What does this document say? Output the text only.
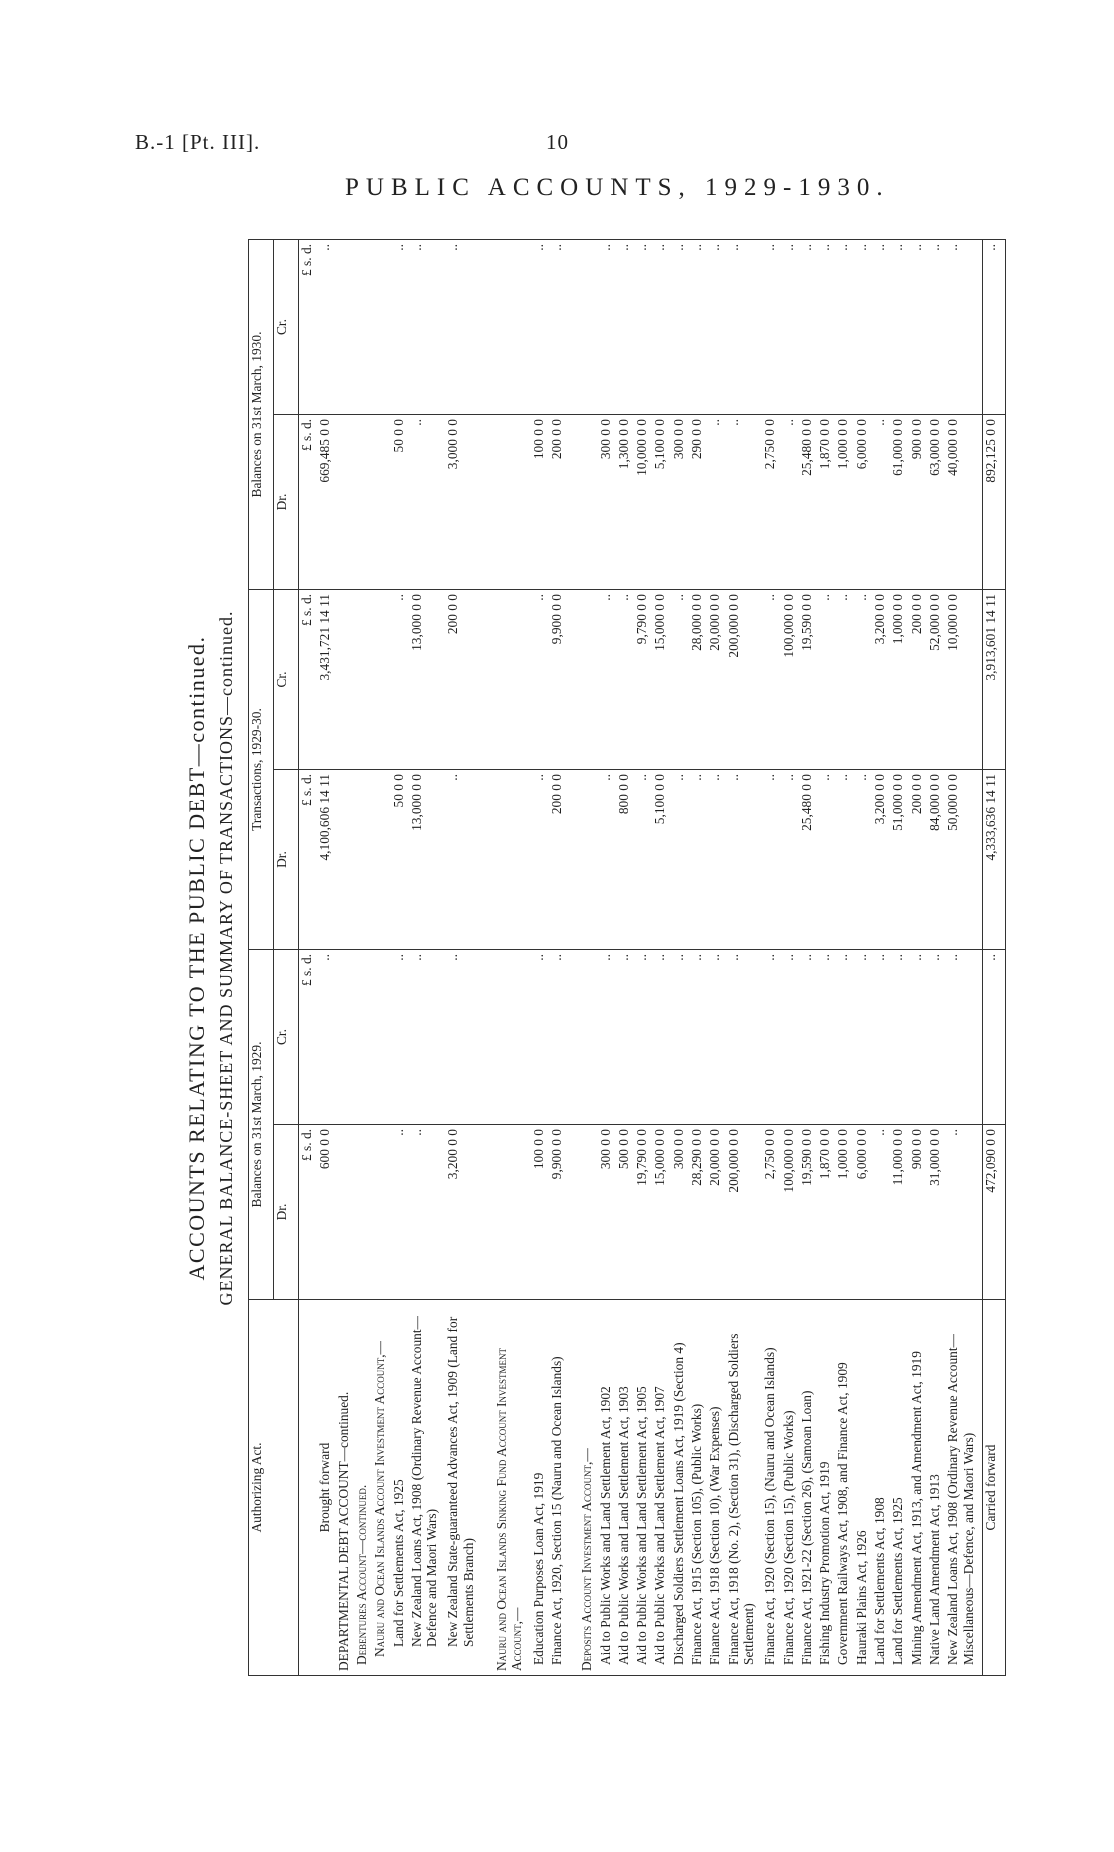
B.-1 [Pt. III].	10
PUBLIC ACCOUNTS, 1929-1930.
ACCOUNTS RELATING TO THE PUBLIC DEBT—continued. GENERAL BALANCE-SHEET AND SUMMARY OF TRANSACTIONS—continued.
Authorizing Act.	Balances on 31st March, 1929.		Transactions, 1929-30.		Balances on 31st March, 1930.	
	Dr.	Cr.	Dr.	Cr.	Dr.	Cr.
	£ s. d.	£ s. d.	£ s. d.	£ s. d.	£ s. d.	£ s. d.
Brought forward	600 0 0	..	4,100,606 14 11	3,431,721 14 11	669,485 0 0	..
DEPARTMENTAL DEBT ACCOUNT—continued.						
Debentures Account—continued.						
Nauru and Ocean Islands Account Investment Account,—						
Land for Settlements Act, 1925	..	..	50 0 0	..	50 0 0	..
New Zealand Loans Act, 1908 (Ordinary Revenue Account—Defence and Maori Wars)	..	..	13,000 0 0	13,000 0 0	..	..
New Zealand State-guaranteed Advances Act, 1909 (Land for Settlements Branch)	3,200 0 0	..	..	200 0 0	3,000 0 0	..

Nauru and Ocean Islands Sinking Fund Account Investment Account,—						
Education Purposes Loan Act, 1919	100 0 0	..	..	..	100 0 0	..
Finance Act, 1920, Section 15 (Nauru and Ocean Islands)	9,900 0 0	..	200 0 0	9,900 0 0	200 0 0	..

Deposits Account Investment Account,—						
Aid to Public Works and Land Settlement Act, 1902	300 0 0	..	..	..	300 0 0	..
Aid to Public Works and Land Settlement Act, 1903	500 0 0	..	800 0 0	..	1,300 0 0	..
Aid to Public Works and Land Settlement Act, 1905	19,790 0 0	..	..	9,790 0 0	10,000 0 0	..
Aid to Public Works and Land Settlement Act, 1907	15,000 0 0	..	5,100 0 0	15,000 0 0	5,100 0 0	..
Discharged Soldiers Settlement Loans Act, 1919 (Section 4)	300 0 0	..	..	..	300 0 0	..
Finance Act, 1915 (Section 105), (Public Works)	28,290 0 0	..	..	28,000 0 0	290 0 0	..
Finance Act, 1918 (Section 10), (War Expenses)	20,000 0 0	..	..	20,000 0 0	..	..
Finance Act, 1918 (No. 2), (Section 31), (Discharged Soldiers Settlement)	200,000 0 0	..	..	200,000 0 0	..	..
Finance Act, 1920 (Section 15), (Nauru and Ocean Islands)	2,750 0 0	..	..	..	2,750 0 0	..
Finance Act, 1920 (Section 15), (Public Works)	100,000 0 0	..	..	100,000 0 0	..	..
Finance Act, 1921-22 (Section 26), (Samoan Loan)	19,590 0 0	..	25,480 0 0	19,590 0 0	25,480 0 0	..
Fishing Industry Promotion Act, 1919	1,870 0 0	..	..	..	1,870 0 0	..
Government Railways Act, 1908, and Finance Act, 1909	1,000 0 0	..	..	..	1,000 0 0	..
Hauraki Plains Act, 1926	6,000 0 0	..	..	..	6,000 0 0	..
Land for Settlements Act, 1908	..	..	3,200 0 0	3,200 0 0	..	..
Land for Settlements Act, 1925	11,000 0 0	..	51,000 0 0	1,000 0 0	61,000 0 0	..
Mining Amendment Act, 1913, and Amendment Act, 1919	900 0 0	..	200 0 0	200 0 0	900 0 0	..
Native Land Amendment Act, 1913	31,000 0 0	..	84,000 0 0	52,000 0 0	63,000 0 0	..
New Zealand Loans Act, 1908 (Ordinary Revenue Account—Miscellaneous—Defence, and Maori Wars)	..	..	50,000 0 0	10,000 0 0	40,000 0 0	..
Carried forward	472,090 0 0	..	4,333,636 14 11	3,913,601 14 11	892,125 0 0	..
